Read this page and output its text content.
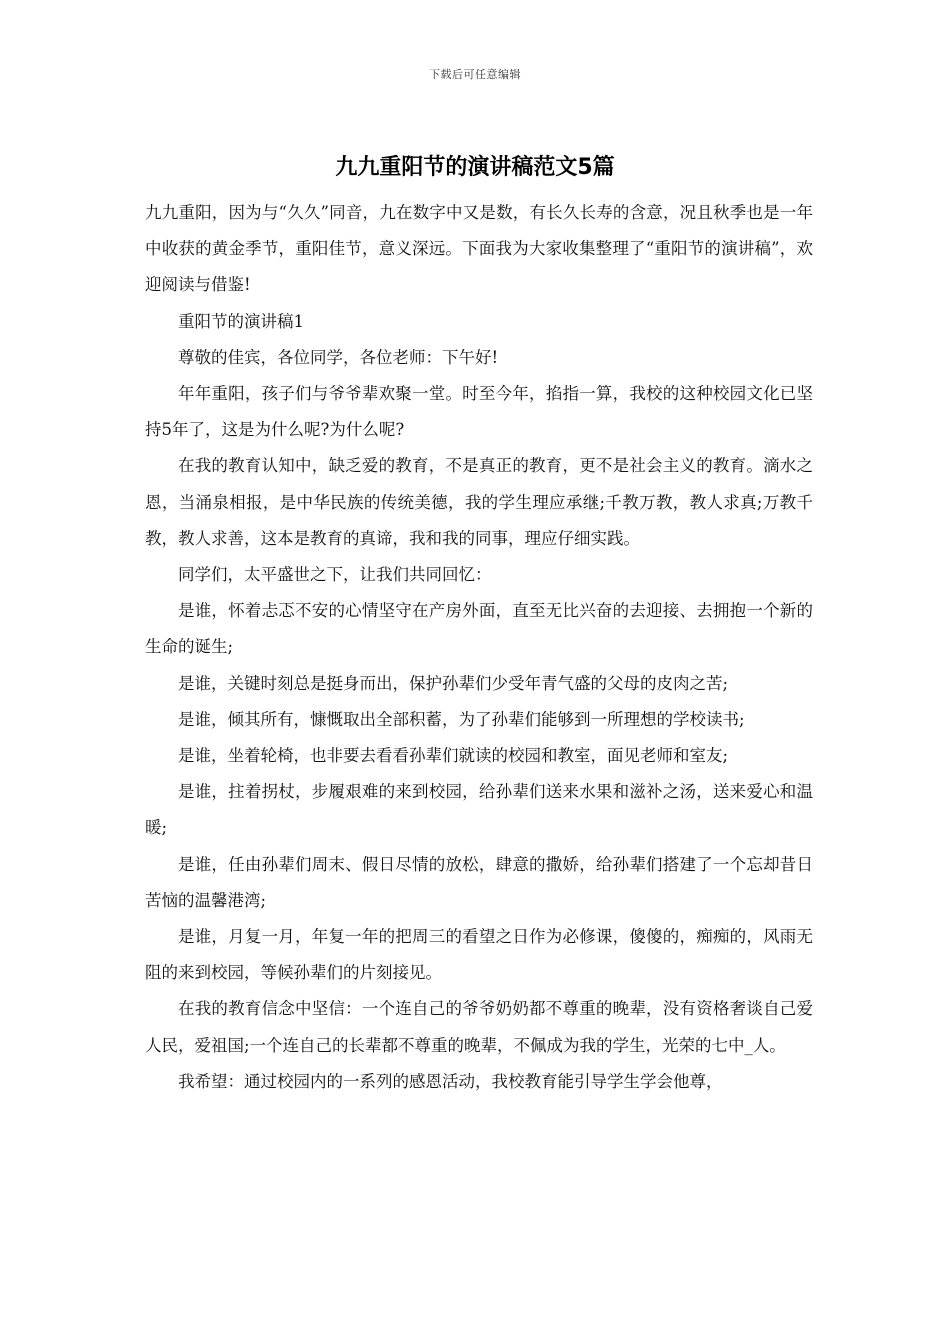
下载后可任意编辑
九九重阳节的演讲稿范文5篇

九九重阳，因为与“久久”同音，九在数字中又是数，有长久长寿的含意，况且秋季也是一年中收获的黄金季节，重阳佳节，意义深远。下面我为大家收集整理了“重阳节的演讲稿”，欢迎阅读与借鉴!

重阳节的演讲稿1

尊敬的佳宾，各位同学，各位老师：下午好!

年年重阳，孩子们与爷爷辈欢聚一堂。时至今年，掐指一算，我校的这种校园文化已坚持5年了，这是为什么呢?为什么呢?

在我的教育认知中，缺乏爱的教育，不是真正的教育，更不是社会主义的教育。滴水之恩，当涌泉相报，是中华民族的传统美德，我的学生理应承继;千教万教，教人求真;万教千教，教人求善，这本是教育的真谛，我和我的同事，理应仔细实践。

同学们，太平盛世之下，让我们共同回忆：

是谁，怀着忐忑不安的心情坚守在产房外面，直至无比兴奋的去迎接、去拥抱一个新的生命的诞生;

是谁，关键时刻总是挺身而出，保护孙辈们少受年青气盛的父母的皮肉之苦;

是谁，倾其所有，慷慨取出全部积蓄，为了孙辈们能够到一所理想的学校读书;

是谁，坐着轮椅，也非要去看看孙辈们就读的校园和教室，面见老师和室友;

是谁，拄着拐杖，步履艰难的来到校园，给孙辈们送来水果和滋补之汤，送来爱心和温暖;

是谁，任由孙辈们周末、假日尽情的放松，肆意的撒娇，给孙辈们搭建了一个忘却昔日苦恼的温馨港湾;

是谁，月复一月，年复一年的把周三的看望之日作为必修课，傻傻的，痴痴的，风雨无阻的来到校园，等候孙辈们的片刻接见。

在我的教育信念中坚信：一个连自己的爷爷奶奶都不尊重的晚辈，没有资格奢谈自己爱人民，爱祖国;一个连自己的长辈都不尊重的晚辈，不佩成为我的学生，光荣的七中_人。

我希望：通过校园内的一系列的感恩活动，我校教育能引导学生学会他尊，
